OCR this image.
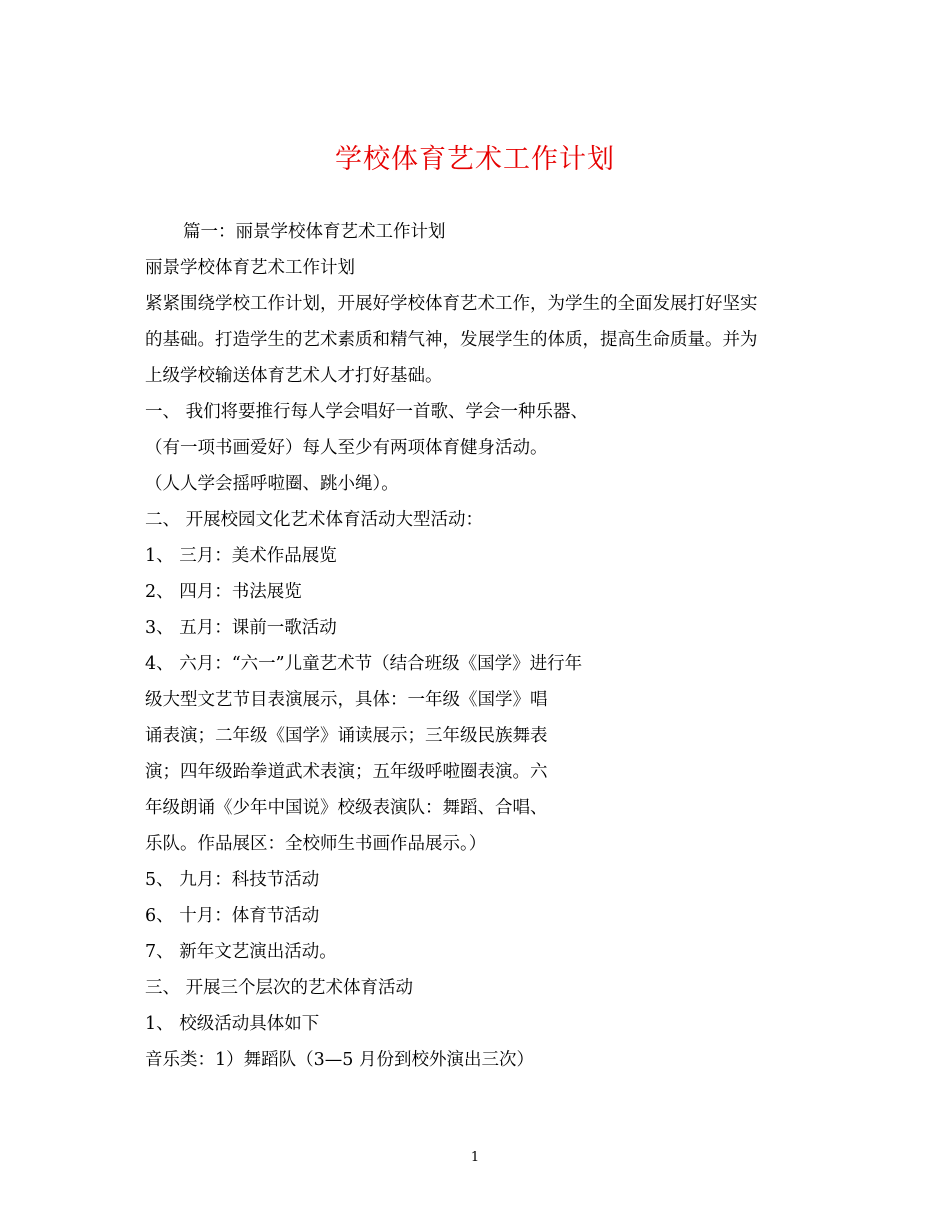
学校体育艺术工作计划
篇一：丽景学校体育艺术工作计划
丽景学校体育艺术工作计划
紧紧围绕学校工作计划，开展好学校体育艺术工作，为学生的全面发展打好坚实
的基础。打造学生的艺术素质和精气神，发展学生的体质，提高生命质量。并为
上级学校输送体育艺术人才打好基础。
一、 我们将要推行每人学会唱好一首歌、学会一种乐器、
（有一项书画爱好）每人至少有两项体育健身活动。
（人人学会摇呼啦圈、跳小绳）。
二、 开展校园文化艺术体育活动大型活动：
1、 三月：美术作品展览
2、 四月：书法展览
3、 五月：课前一歌活动
4、 六月：“六一”儿童艺术节（结合班级《国学》进行年
级大型文艺节目表演展示，具体：一年级《国学》唱
诵表演；二年级《国学》诵读展示；三年级民族舞表
演；四年级跆拳道武术表演；五年级呼啦圈表演。六
年级朗诵《少年中国说》校级表演队：舞蹈、合唱、
乐队。作品展区：全校师生书画作品展示。）
5、 九月：科技节活动
6、 十月：体育节活动
7、 新年文艺演出活动。
三、 开展三个层次的艺术体育活动
1、 校级活动具体如下
音乐类：1）舞蹈队（3—5 月份到校外演出三次）
1
